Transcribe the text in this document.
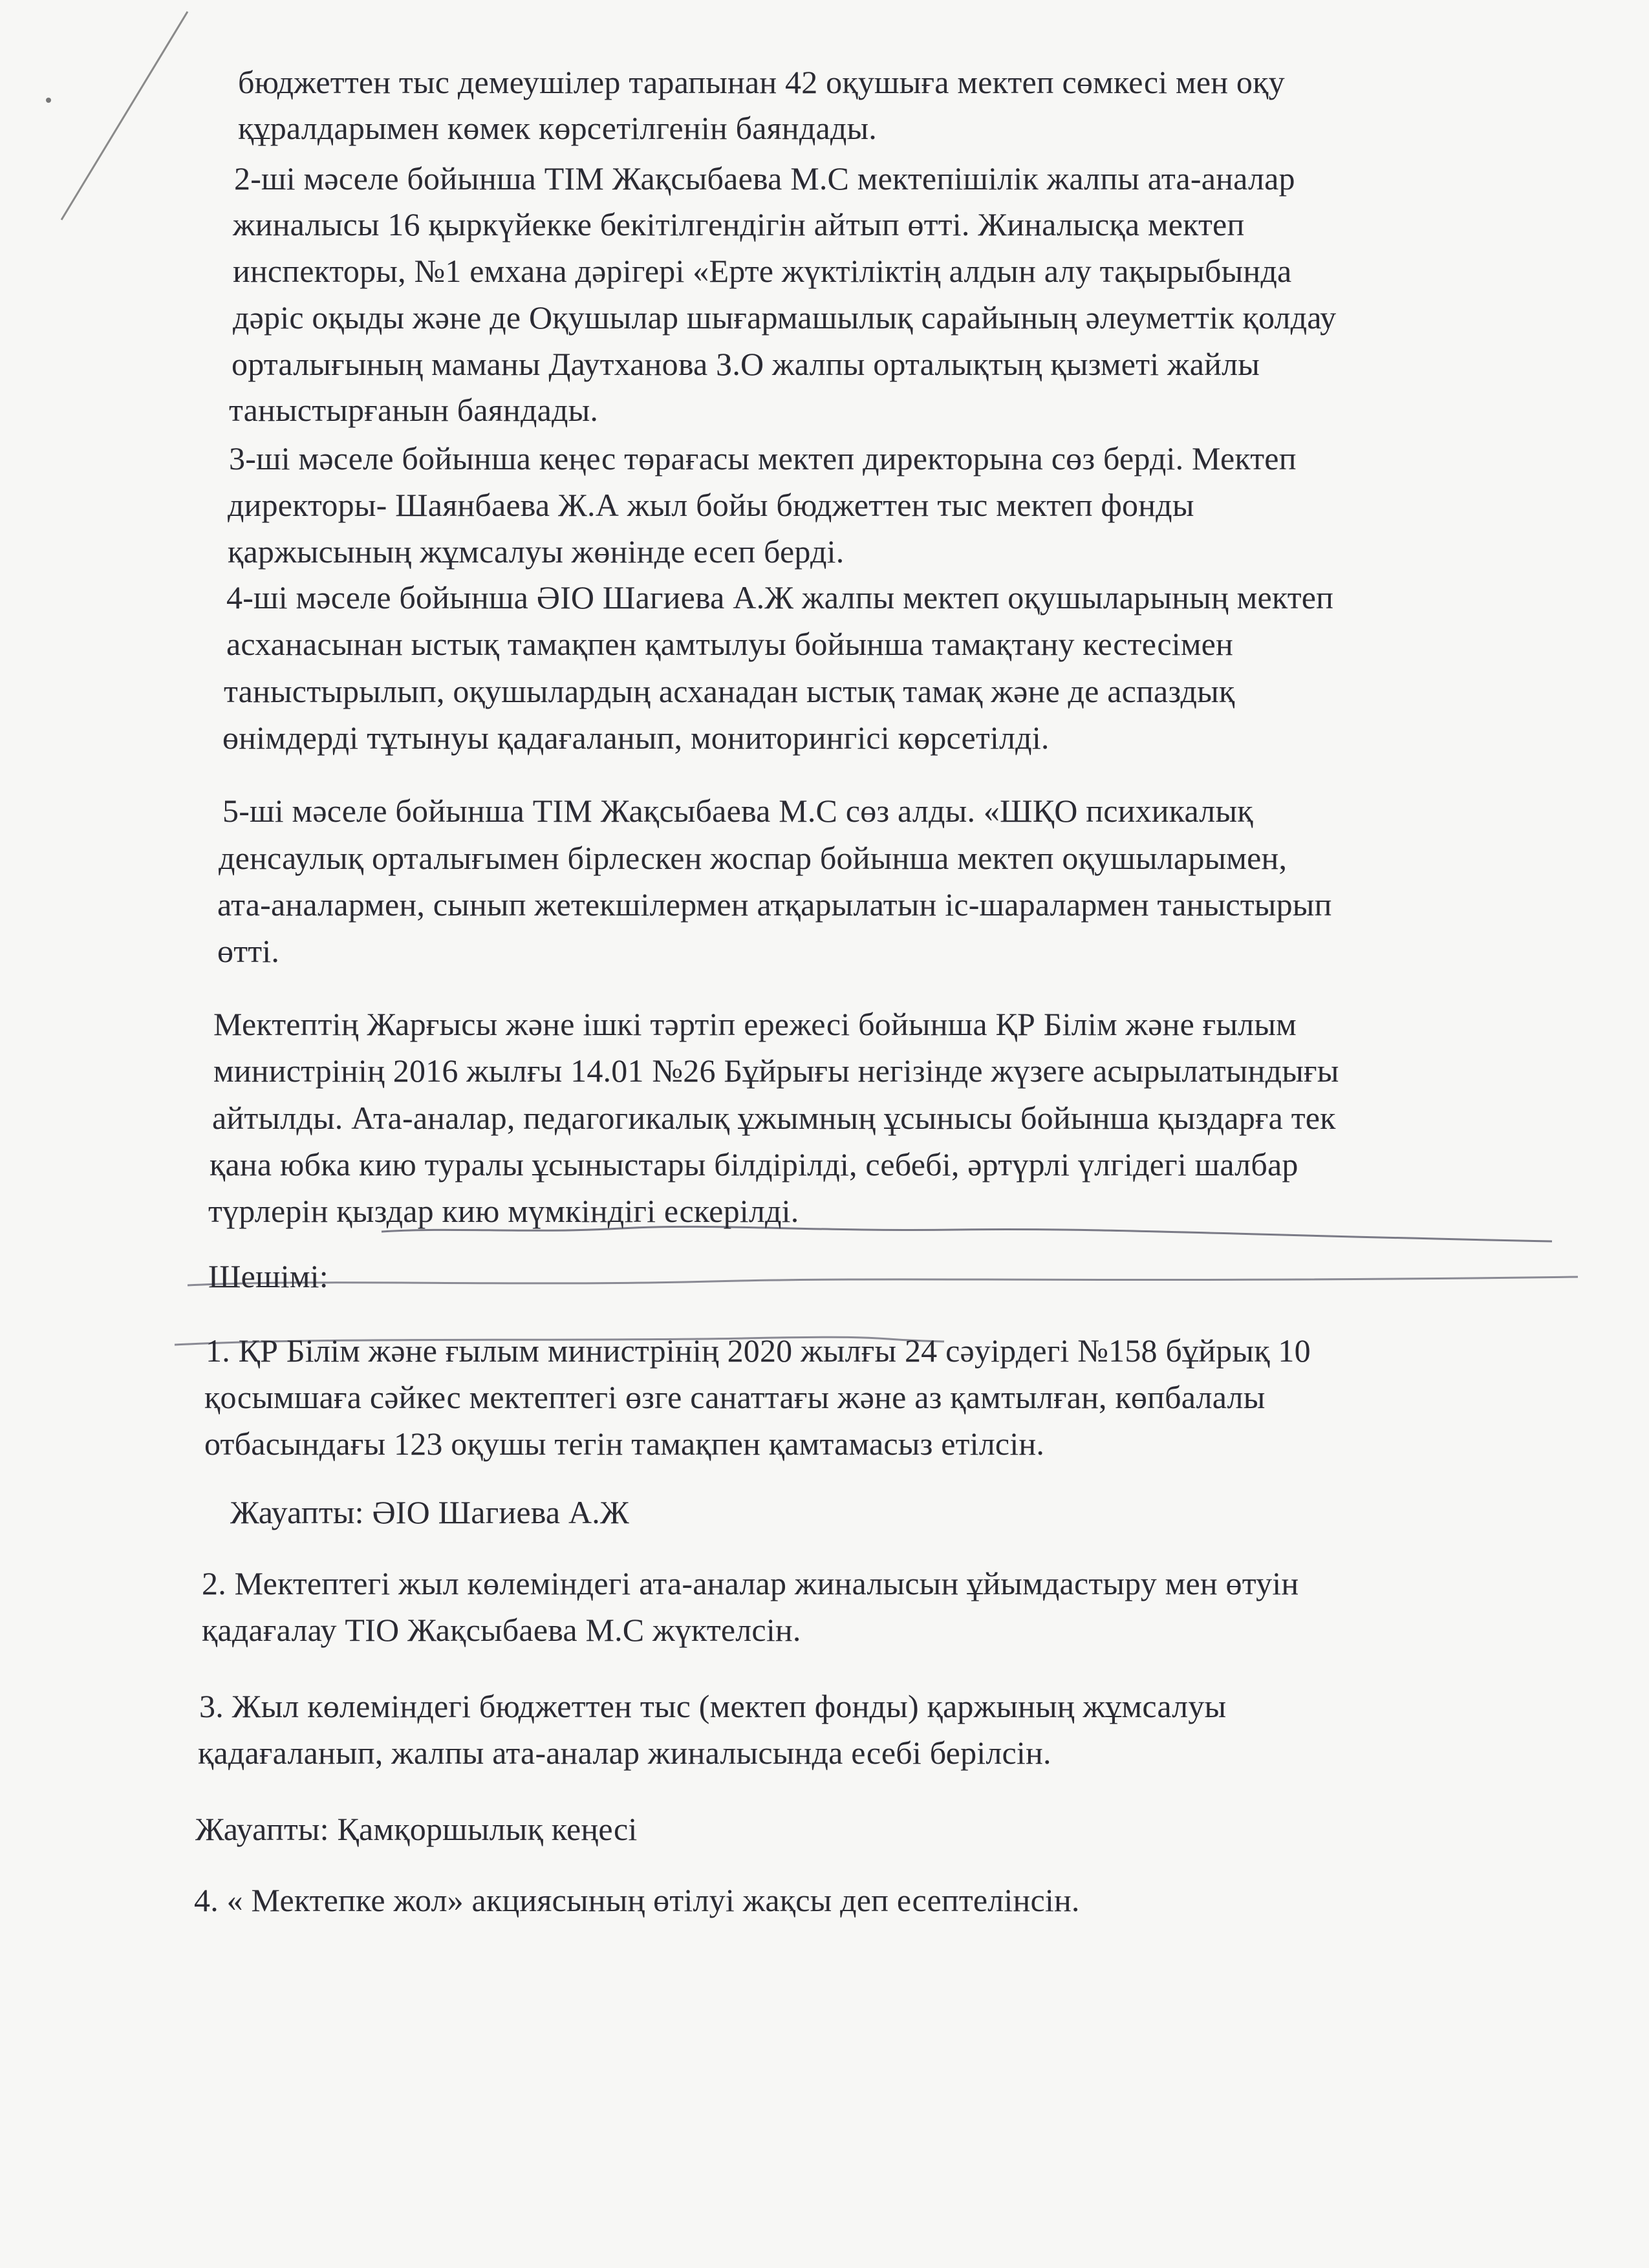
бюджеттен тыс демеушілер тарапынан 42 оқушыға мектеп сөмкесі мен оқу
құралдарымен көмек көрсетілгенін баяндады.
2-ші мәселе бойынша ТІМ Жақсыбаева М.С мектепішілік жалпы ата-аналар
жиналысы 16 қыркүйекке бекітілгендігін айтып өтті. Жиналысқа мектеп
инспекторы, №1 емхана дәрігері «Ерте жүктіліктің алдын алу тақырыбында
дәріс оқыды және де Оқушылар шығармашылық сарайының әлеуметтік қолдау
орталығының маманы Даутханова З.О жалпы орталықтың қызметі жайлы
таныстырғанын баяндады.
3-ші мәселе бойынша кеңес төрағасы мектеп директорына сөз берді. Мектеп
директоры- Шаянбаева Ж.А жыл бойы бюджеттен тыс мектеп фонды
қаржысының жұмсалуы жөнінде есеп берді.
4-ші мәселе бойынша ӘІО Шагиева А.Ж жалпы мектеп оқушыларының мектеп
асханасынан ыстық тамақпен қамтылуы бойынша тамақтану кестесімен
таныстырылып, оқушылардың асханадан ыстық тамақ және де аспаздық
өнімдерді тұтынуы қадағаланып, мониторингісі көрсетілді.
5-ші мәселе бойынша ТІМ Жақсыбаева М.С сөз алды. «ШҚО психикалық
денсаулық орталығымен бірлескен жоспар бойынша мектеп оқушыларымен,
ата-аналармен, сынып жетекшілермен атқарылатын іс-шаралармен таныстырып
өтті.
Мектептің Жарғысы және ішкі тәртіп ережесі бойынша ҚР Білім және ғылым
министрінің 2016 жылғы 14.01 №26 Бұйрығы негізінде жүзеге асырылатындығы
айтылды. Ата-аналар, педагогикалық ұжымның ұсынысы бойынша қыздарға тек
қана юбка кию туралы ұсыныстары білдірілді, себебі, әртүрлі үлгідегі шалбар
түрлерін қыздар кию мүмкіндігі ескерілді.
Шешімі:
1. ҚР Білім және ғылым министрінің 2020 жылғы 24 сәуірдегі №158 бұйрық 10
қосымшаға сәйкес мектептегі өзге санаттағы және аз қамтылған, көпбалалы
отбасындағы 123 оқушы тегін тамақпен қамтамасыз етілсін.
Жауапты: ӘІО Шагиева А.Ж
2. Мектептегі жыл көлеміндегі ата-аналар жиналысын ұйымдастыру мен өтуін
қадағалау ТІО Жақсыбаева М.С жүктелсін.
3. Жыл көлеміндегі бюджеттен тыс (мектеп фонды) қаржының жұмсалуы
қадағаланып, жалпы ата-аналар жиналысында есебі берілсін.
Жауапты: Қамқоршылық кеңесі
4. « Мектепке жол» акциясының өтілуі жақсы деп есептелінсін.
